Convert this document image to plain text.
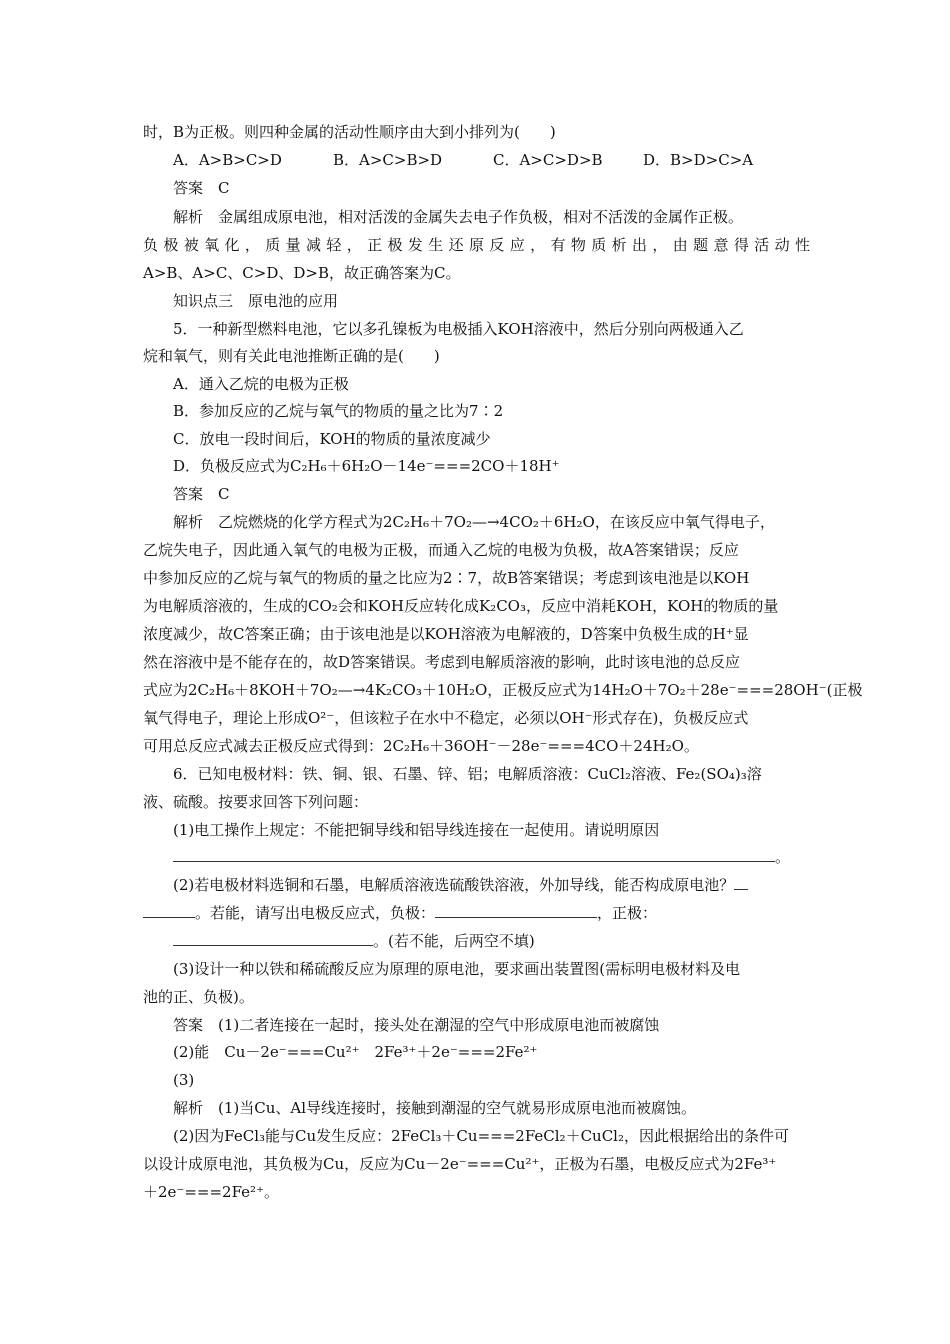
时，B为正极。则四种金属的活动性顺序由大到小排列为(　　)
A．A>B>C>D	B．A>C>B>D	C．A>C>D>B	D．B>D>C>A
答案　C
解析　金属组成原电池，相对活泼的金属失去电子作负极，相对不活泼的金属作正极。
负极被氧化，质量减轻，正极发生还原反应，有物质析出，由题意得活动性
A>B、A>C、C>D、D>B，故正确答案为C。
知识点三　原电池的应用
5．一种新型燃料电池，它以多孔镍板为电极插入KOH溶液中，然后分别向两极通入乙
烷和氧气，则有关此电池推断正确的是(　　)
A．通入乙烷的电极为正极
B．参加反应的乙烷与氧气的物质的量之比为7∶2
C．放电一段时间后，KOH的物质的量浓度减少
D．负极反应式为C₂H₆＋6H₂O－14e⁻===2CO＋18H⁺
答案　C
解析　乙烷燃烧的化学方程式为2C₂H₆＋7O₂—→4CO₂＋6H₂O，在该反应中氧气得电子，
乙烷失电子，因此通入氧气的电极为正极，而通入乙烷的电极为负极，故A答案错误；反应
中参加反应的乙烷与氧气的物质的量之比应为2∶7，故B答案错误；考虑到该电池是以KOH
为电解质溶液的，生成的CO₂会和KOH反应转化成K₂CO₃，反应中消耗KOH，KOH的物质的量
浓度减少，故C答案正确；由于该电池是以KOH溶液为电解液的，D答案中负极生成的H⁺显
然在溶液中是不能存在的，故D答案错误。考虑到电解质溶液的影响，此时该电池的总反应
式应为2C₂H₆＋8KOH＋7O₂—→4K₂CO₃＋10H₂O，正极反应式为14H₂O＋7O₂＋28e⁻===28OH⁻(正极
氧气得电子，理论上形成O²⁻，但该粒子在水中不稳定，必须以OH⁻形式存在)，负极反应式
可用总反应式减去正极反应式得到：2C₂H₆＋36OH⁻－28e⁻===4CO＋24H₂O。
6．已知电极材料：铁、铜、银、石墨、锌、铝；电解质溶液：CuCl₂溶液、Fe₂(SO₄)₃溶
液、硫酸。按要求回答下列问题：
(1)电工操作上规定：不能把铜导线和铝导线连接在一起使用。请说明原因
。
(2)若电极材料选铜和石墨，电解质溶液选硫酸铁溶液，外加导线，能否构成原电池？
。若能，请写出电极反应式，负极：	，正极：
。(若不能，后两空不填)
(3)设计一种以铁和稀硫酸反应为原理的原电池，要求画出装置图(需标明电极材料及电
池的正、负极)。
答案　(1)二者连接在一起时，接头处在潮湿的空气中形成原电池而被腐蚀
(2)能　Cu－2e⁻===Cu²⁺　2Fe³⁺＋2e⁻===2Fe²⁺
(3)
解析　(1)当Cu、Al导线连接时，接触到潮湿的空气就易形成原电池而被腐蚀。
(2)因为FeCl₃能与Cu发生反应：2FeCl₃＋Cu===2FeCl₂＋CuCl₂，因此根据给出的条件可
以设计成原电池，其负极为Cu，反应为Cu－2e⁻===Cu²⁺，正极为石墨，电极反应式为2Fe³⁺
＋2e⁻===2Fe²⁺。
